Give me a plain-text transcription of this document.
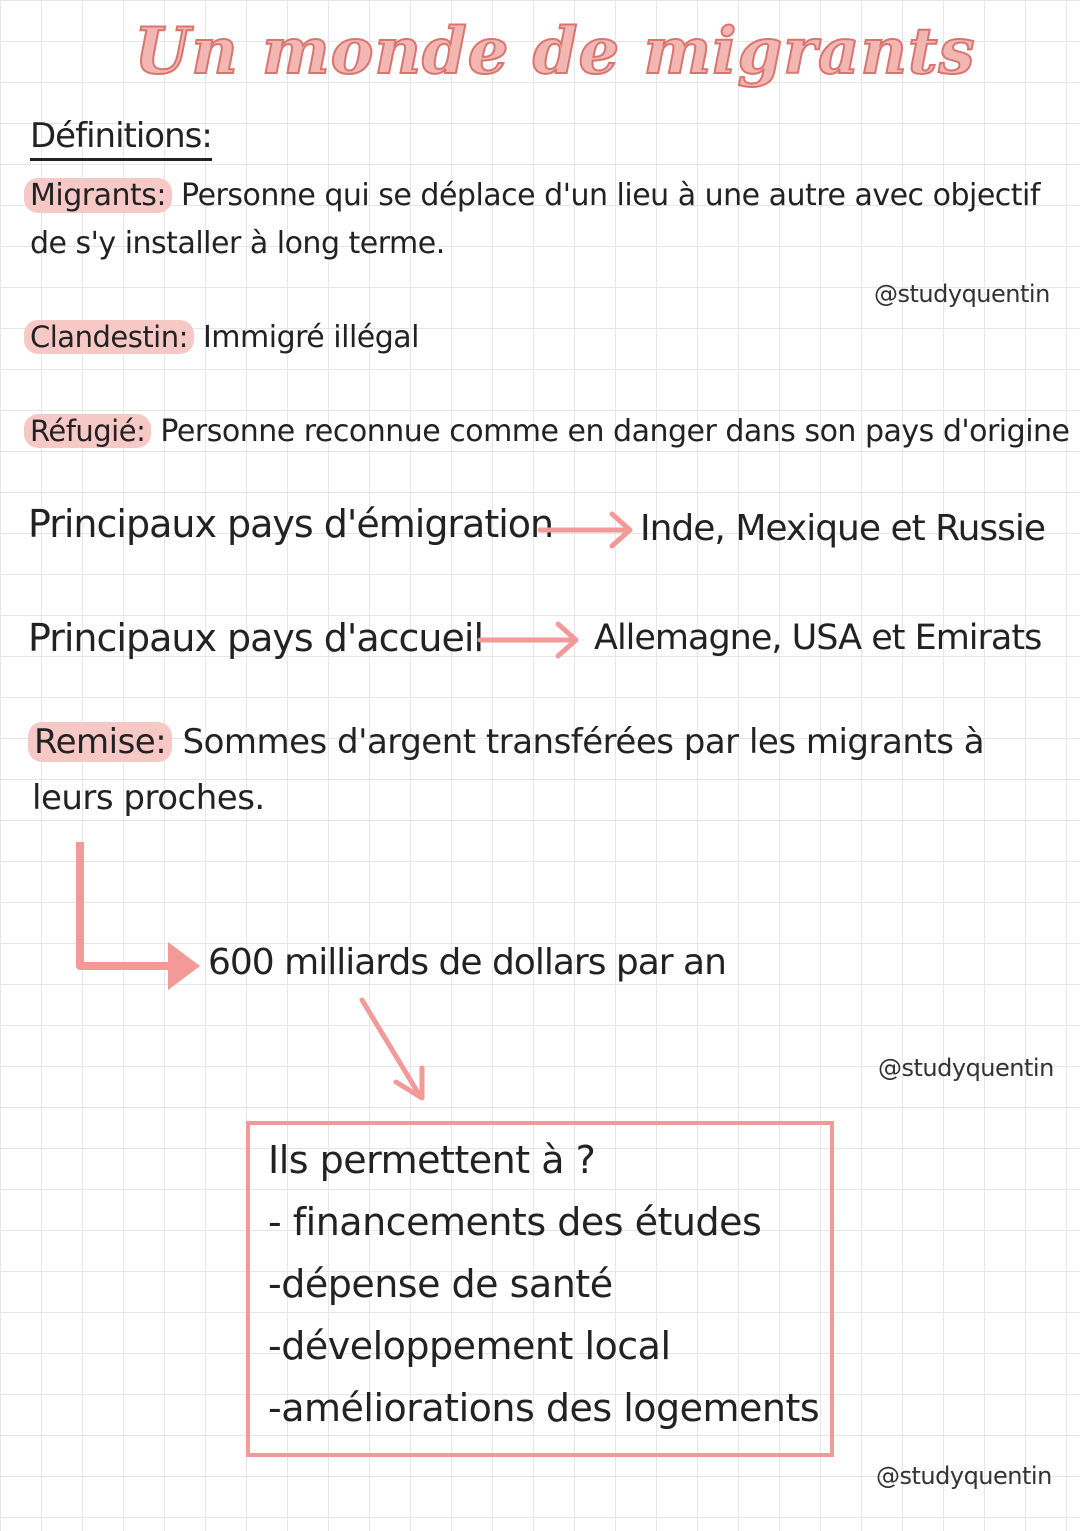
Un monde de migrants
Définitions:
Migrants: Personne qui se déplace d'un lieu à une autre avec objectif
de s'y installer à long terme.
@studyquentin
Clandestin: Immigré illégal
Réfugié: Personne reconnue comme en danger dans son pays d'origine
Principaux pays d'émigration Inde, Mexique et Russie
Principaux pays d'accueil	Allemagne, USA et Emirats
Remise: Sommes d'argent transférées par les migrants à
leurs proches.
600 milliards de dollars par an
@studyquentin
Ils permettent à ?
- financements des études
-dépense de santé
-développement local
-améliorations des logements
@studyquentin
